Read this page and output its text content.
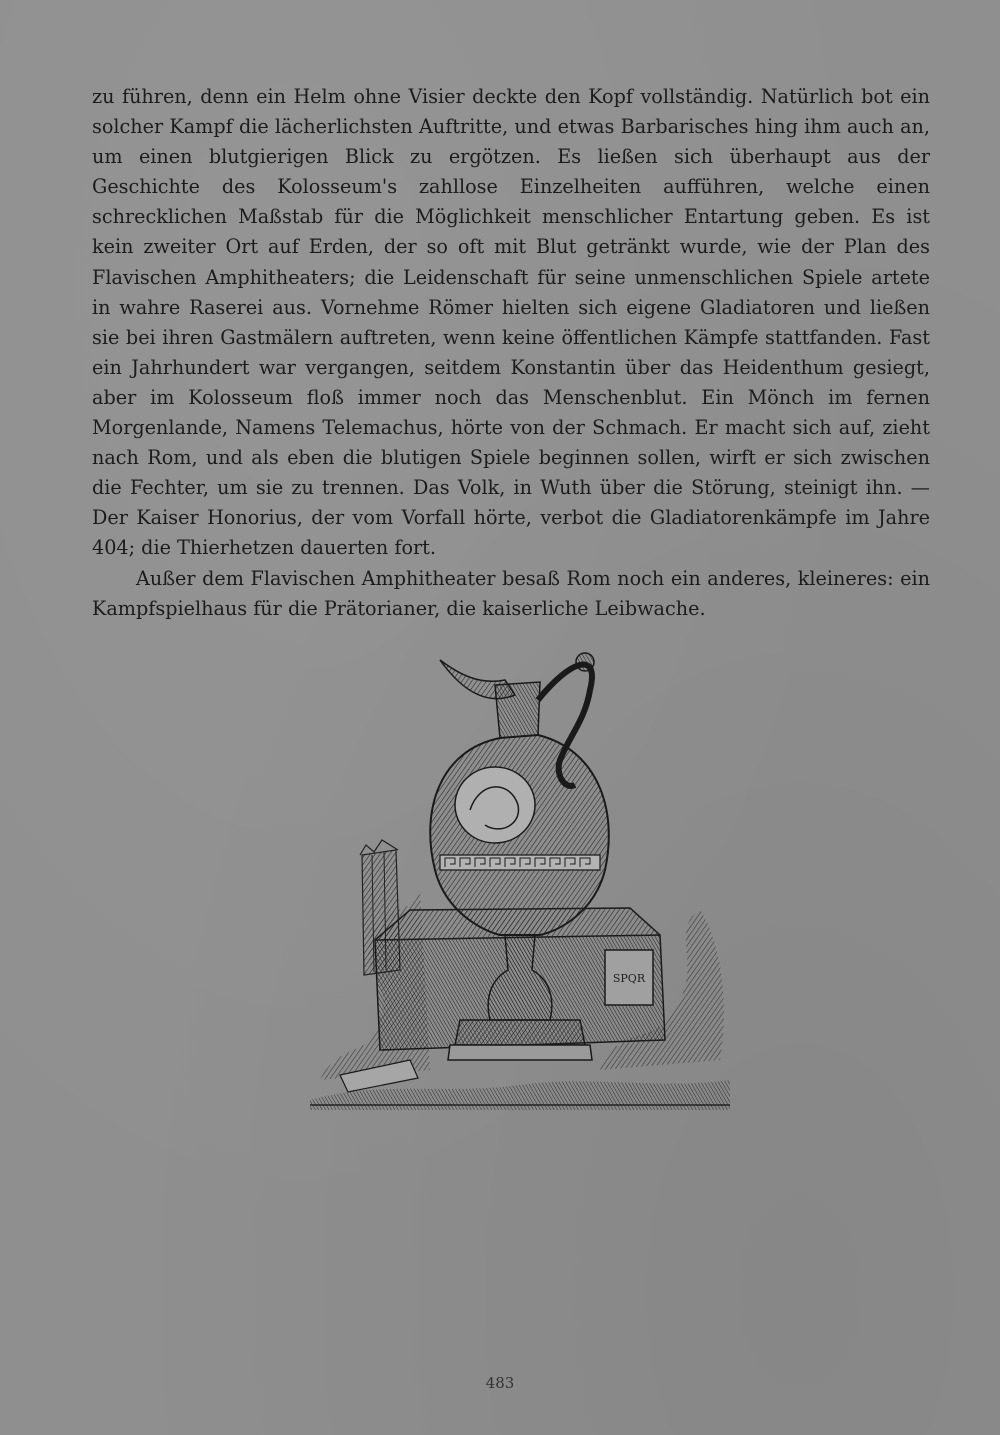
zu führen, denn ein Helm ohne Visier deckte den Kopf vollständig. Natürlich bot ein solcher Kampf die lächerlichsten Auftritte, und etwas Barbarisches hing ihm auch an, um einen blutgierigen Blick zu ergötzen. Es ließen sich überhaupt aus der Geschichte des Kolosseum's zahllose Einzelheiten aufführen, welche einen schrecklichen Maßstab für die Möglichkeit menschlicher Entartung geben. Es ist kein zweiter Ort auf Erden, der so oft mit Blut getränkt wurde, wie der Plan des Flavischen Amphitheaters; die Leidenschaft für seine unmenschlichen Spiele artete in wahre Raserei aus. Vornehme Römer hielten sich eigene Gladiatoren und ließen sie bei ihren Gastmälern auftreten, wenn keine öffentlichen Kämpfe stattfanden. Fast ein Jahrhundert war vergangen, seitdem Konstantin über das Heidenthum gesiegt, aber im Kolosseum floß immer noch das Menschenblut. Ein Mönch im fernen Morgenlande, Namens Telemachus, hörte von der Schmach. Er macht sich auf, zieht nach Rom, und als eben die blutigen Spiele beginnen sollen, wirft er sich zwischen die Fechter, um sie zu trennen. Das Volk, in Wuth über die Störung, steinigt ihn. — Der Kaiser Honorius, der vom Vorfall hörte, verbot die Gladiatorenkämpfe im Jahre 404; die Thierhetzen dauerten fort.

Außer dem Flavischen Amphitheater besaß Rom noch ein anderes, kleineres: ein Kampfspielhaus für die Prätorianer, die kaiserliche Leibwache.

SPQR
483
